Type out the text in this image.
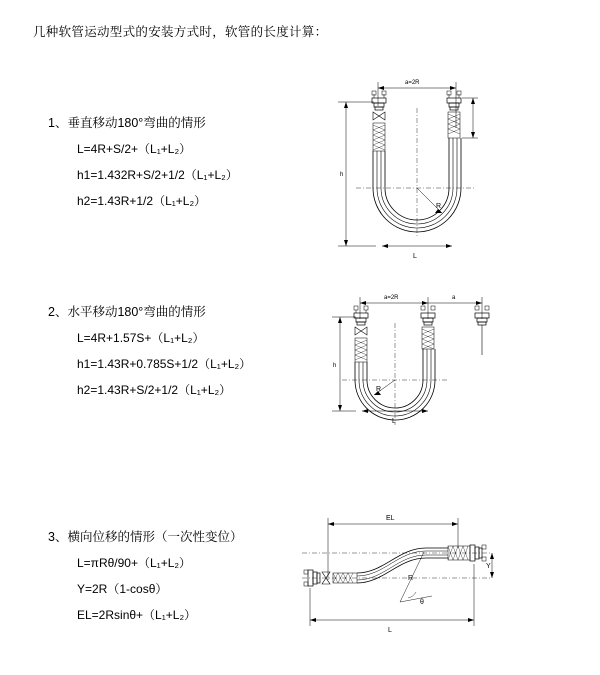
几种软管运动型式的安装方式时，软管的长度计算：
1、垂直移动180°弯曲的情形
L=4R+S/2+（L₁+L₂）
h1=1.432R+S/2+1/2（L₁+L₂）
h2=1.43R+1/2（L₁+L₂）
2、水平移动180°弯曲的情形
L=4R+1.57S+（L₁+L₂）
h1=1.43R+0.785S+1/2（L₁+L₂）
h2=1.43R+S/2+1/2（L₁+L₂）
3、横向位移的情形（一次性变位）
L=πRθ/90+（L₁+L₂）
Y=2R（1-cosθ）
EL=2Rsinθ+（L₁+L₂）
a=2R
R
h
L
a=2R	a
h
R
L
EL
Y
θ
R
L
